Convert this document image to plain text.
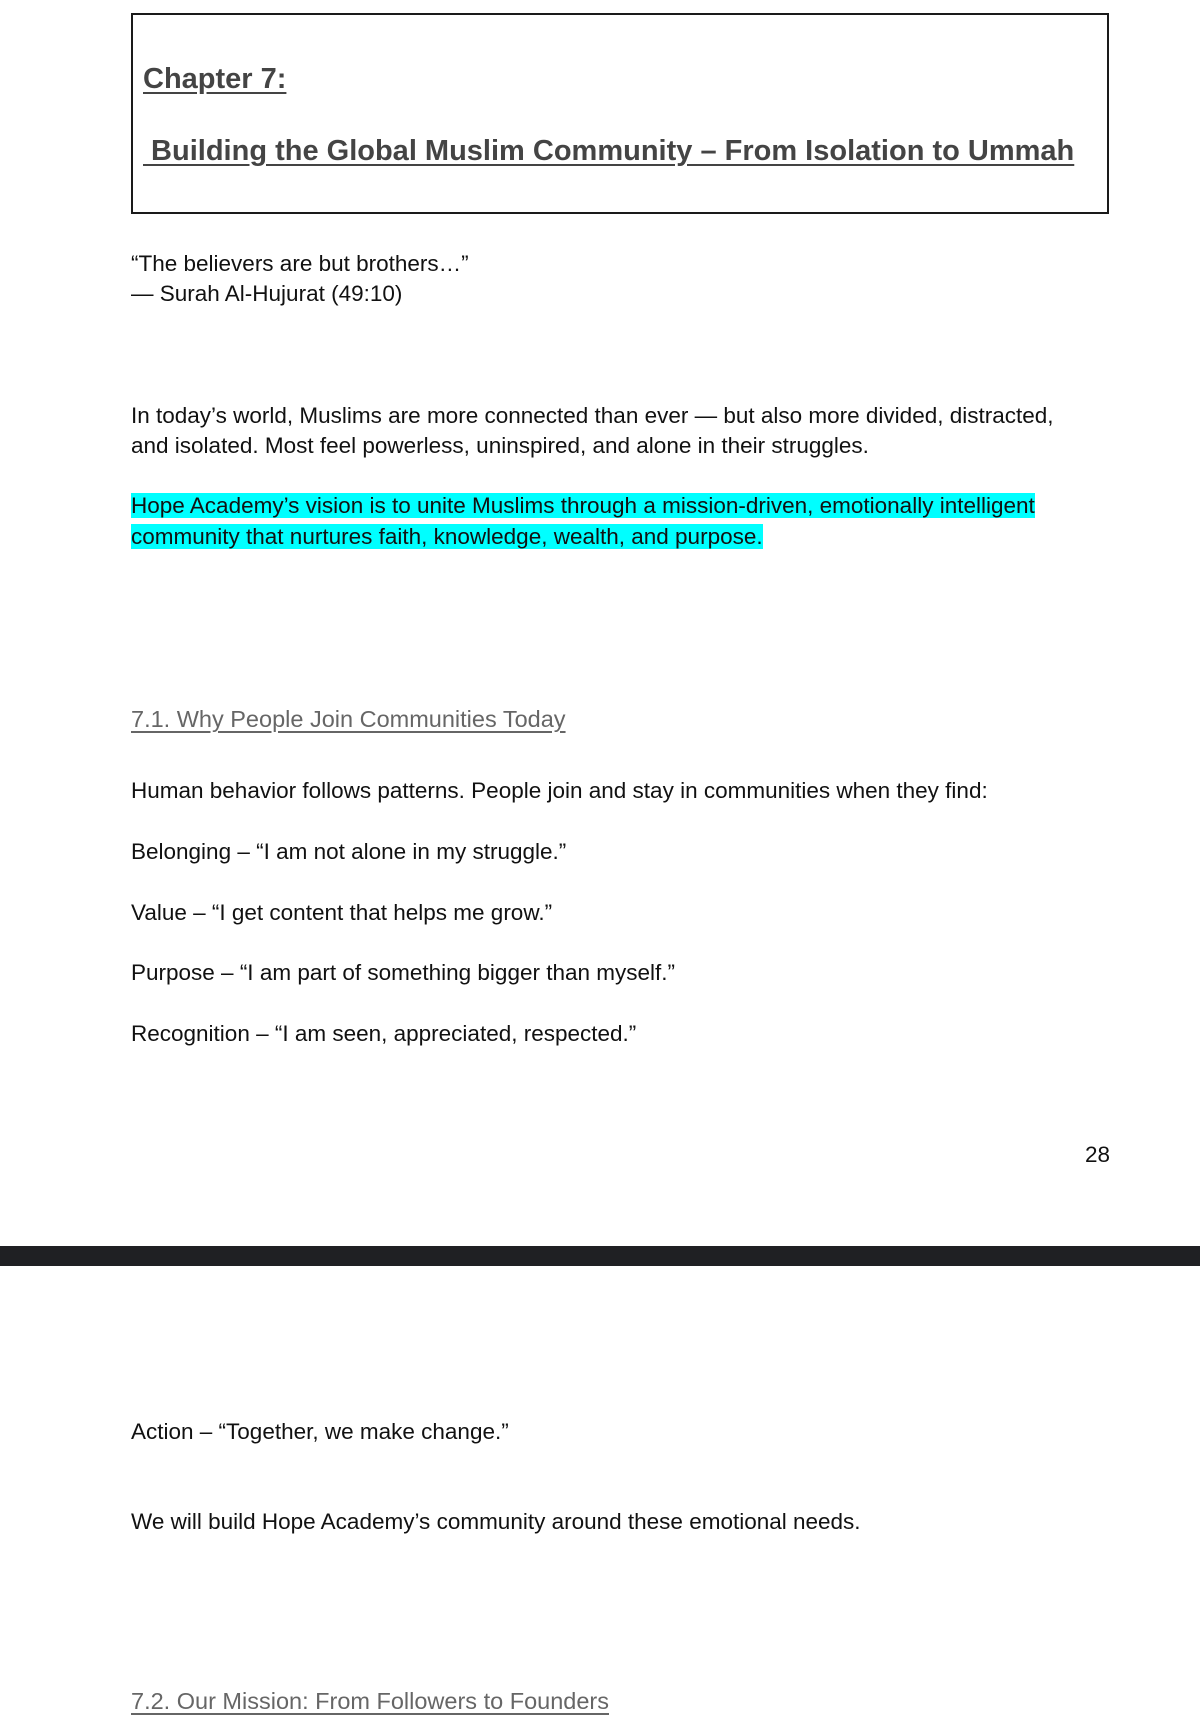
Chapter 7:
Building the Global Muslim Community – From Isolation to Ummah

“The believers are but brothers…”

— Surah Al-Hujurat (49:10)

In today’s world, Muslims are more connected than ever — but also more divided, distracted,

and isolated. Most feel powerless, uninspired, and alone in their struggles.

Hope Academy’s vision is to unite Muslims through a mission-driven, emotionally intelligent community that nurtures faith, knowledge, wealth, and purpose.

7.1. Why People Join Communities Today

Human behavior follows patterns. People join and stay in communities when they find:

Belonging – “I am not alone in my struggle.”

Value – “I get content that helps me grow.”

Purpose – “I am part of something bigger than myself.”

Recognition – “I am seen, appreciated, respected.”

28

Action – “Together, we make change.”

We will build Hope Academy’s community around these emotional needs.

7.2. Our Mission: From Followers to Founders
